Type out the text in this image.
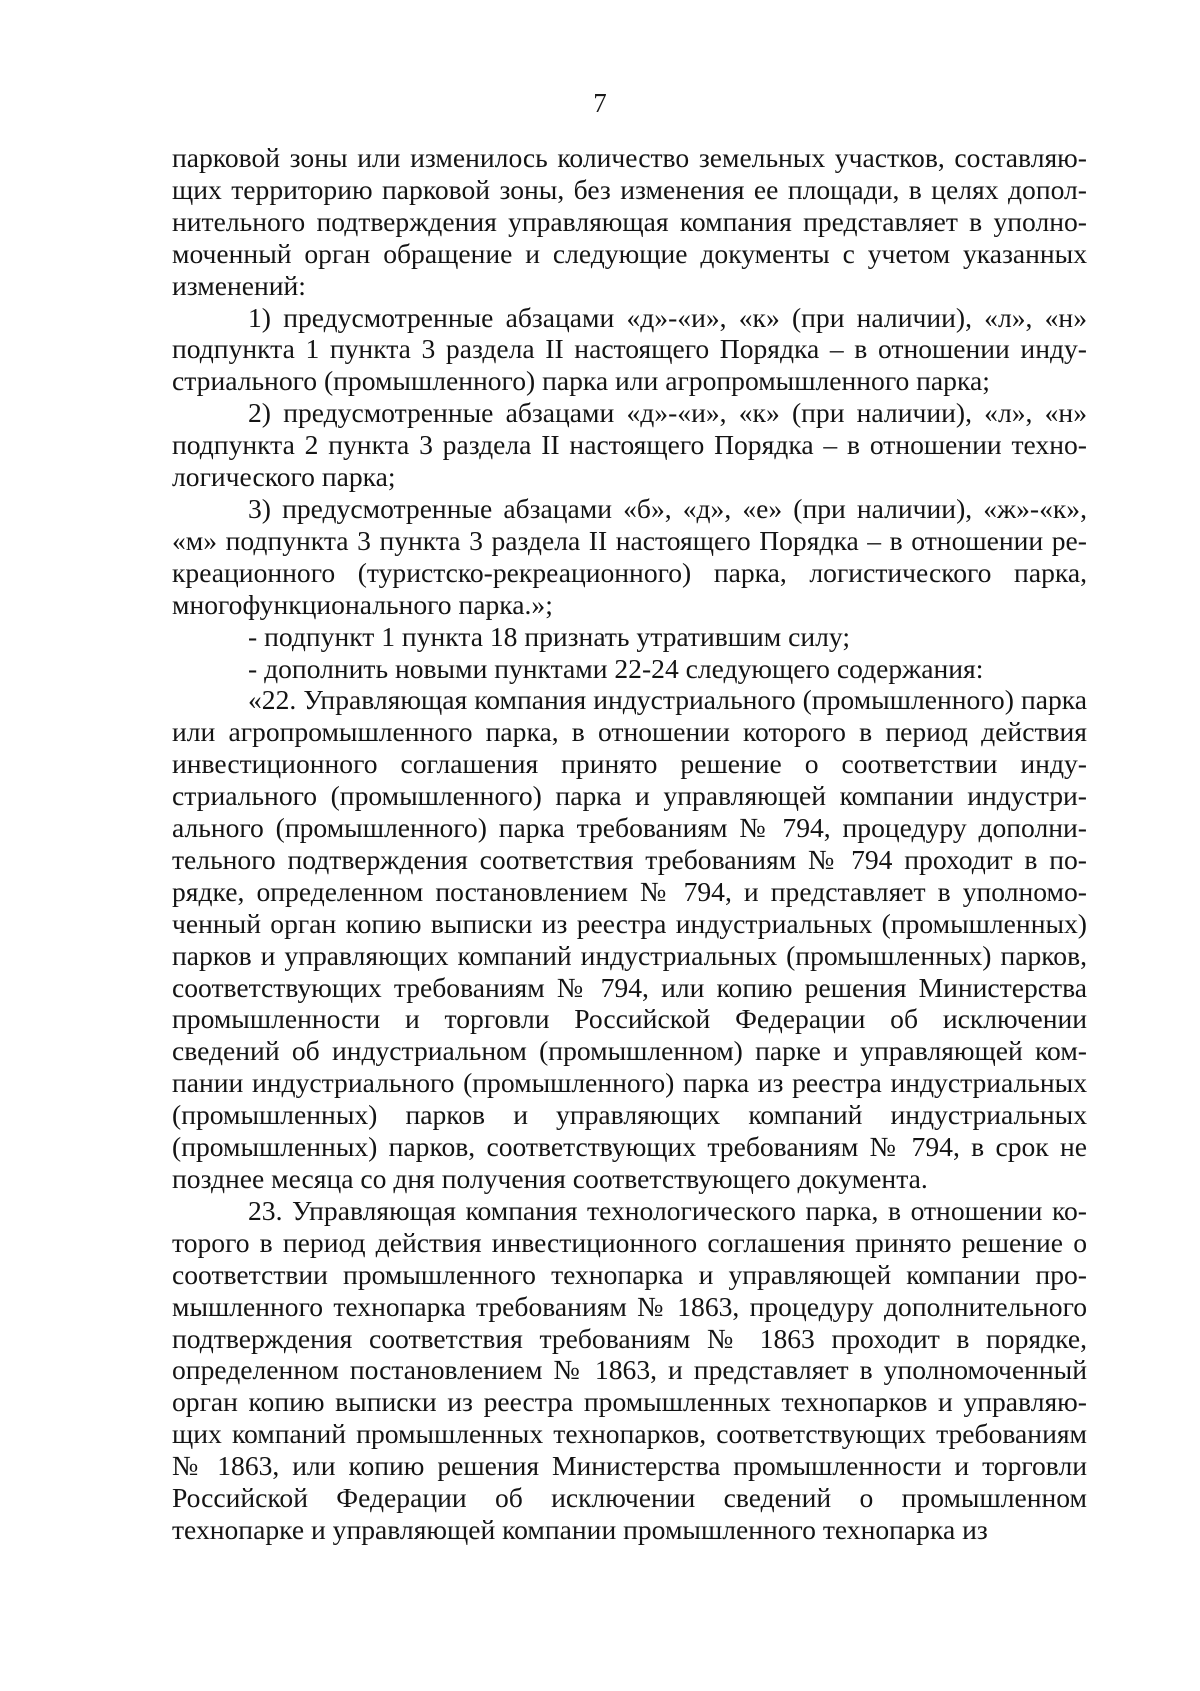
7

парковой зоны или изменилось количество земельных участков, составляющих территорию парковой зоны, без изменения ее площади, в целях дополнительного подтверждения управляющая компания представляет в уполномоченный орган обращение и следующие документы с учетом указанных изменений:

1) предусмотренные абзацами «д»-«и», «к» (при наличии), «л», «н» подпункта 1 пункта 3 раздела II настоящего Порядка – в отношении индустриального (промышленного) парка или агропромышленного парка;

2) предусмотренные абзацами «д»-«и», «к» (при наличии), «л», «н» подпункта 2 пункта 3 раздела II настоящего Порядка – в отношении технологического парка;

3) предусмотренные абзацами «б», «д», «е» (при наличии), «ж»-«к», «м» подпункта 3 пункта 3 раздела II настоящего Порядка – в отношении рекреационного (туристско-рекреационного) парка, логистического парка, многофункционального парка.»;

- подпункт 1 пункта 18 признать утратившим силу;

- дополнить новыми пунктами 22-24 следующего содержания:

«22. Управляющая компания индустриального (промышленного) парка или агропромышленного парка, в отношении которого в период действия инвестиционного соглашения принято решение о соответствии индустриального (промышленного) парка и управляющей компании индустриального (промышленного) парка требованиям № 794, процедуру дополнительного подтверждения соответствия требованиям № 794 проходит в порядке, определенном постановлением № 794, и представляет в уполномоченный орган копию выписки из реестра индустриальных (промышленных) парков и управляющих компаний индустриальных (промышленных) парков, соответствующих требованиям № 794, или копию решения Министерства промышленности и торговли Российской Федерации об исключении сведений об индустриальном (промышленном) парке и управляющей компании индустриального (промышленного) парка из реестра индустриальных (промышленных) парков и управляющих компаний индустриальных (промышленных) парков, соответствующих требованиям № 794, в срок не позднее месяца со дня получения соответствующего документа.

23. Управляющая компания технологического парка, в отношении которого в период действия инвестиционного соглашения принято решение о соответствии промышленного технопарка и управляющей компании промышленного технопарка требованиям № 1863, процедуру дополнительного подтверждения соответствия требованиям № 1863 проходит в порядке, определенном постановлением № 1863, и представляет в уполномоченный орган копию выписки из реестра промышленных технопарков и управляющих компаний промышленных технопарков, соответствующих требованиям № 1863, или копию решения Министерства промышленности и торговли Российской Федерации об исключении сведений о промышленном технопарке и управляющей компании промышленного технопарка из
